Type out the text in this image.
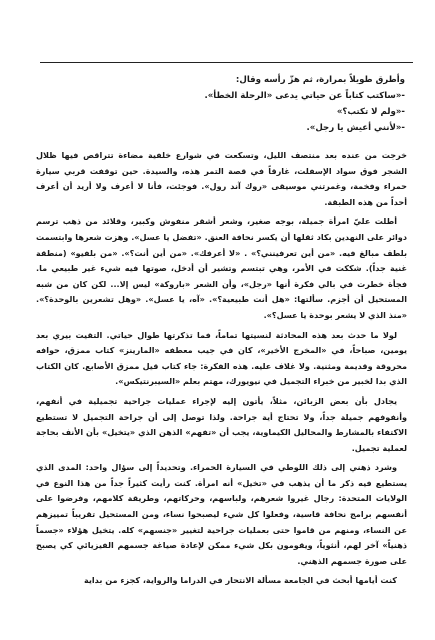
وأطرق طويلاً بمرارة، ثم هزّ رأسه وقال:

-«ساكتب كتاباً عن حياتي يدعى «الرحلة الخطأ».

-«ولم لا تكتب؟»

-«لأنني أعيش يا رجل».

خرجت من عنده بعد منتصف الليل، وتسكعت في شوارع خلفية مضاءة تتراقص فيها ظلال الشجر فوق سواد الإسفلت، غارقاً في قصة التمر هذه، والسيدة. حين توقفت قربي سيارة حمراء وفخمة، وغمرتني موسيقى «روك آند رول». فوجئت، فأنا لا أعرف ولا أريد أن أعرف أحداً من هذه الطبقة.

أطلت عليّ امرأة جميلة، بوجه صغير، وشعر أشقر منفوش وكبير، وقلائد من ذهب ترسم دوائر على النهدين بكاد ثقلها أن يكسر نحافة العنق. «تفضل يا عسل». وهزت شعرها وابتسمت بلطف مبالغ فيه. «من أين تعرفينني؟» . «لا أعرفك». «من أين أنت؟». «من بلفيو» (منطقة غنية جداً). شككت في الأمر، وهي تبتسم وتشير أن أدخل، صوتها فيه شيء غير طبيعي ما. فجأة خطرت في بالي فكرة أنها «رجل»، وأن الشعر «باروكة» ليس إلا... لكن كان من شبه المستحيل أن أجزم. سألتها: «هل أنت طبيعية؟». «آه، يا عسل». «وهل تشعرين بالوحدة؟». «منذ الذي لا يشعر بوحدة يا عسل؟».

لولا ما حدث بعد هذه المحادثة لنسيتها تماماً، فما تذكرتها طوال حياتي. التقيت بيري بعد يومين، صباحاً، في «المخرج الأخير»، كان في جيب معطفه «المارينز» كتاب ممزق، حوافه محروقة وقديمة ومثنية. ولا غلاف عليه. هذه الفكرة: جاء كتاب قيل ممزق الأصابع. كان الكتاب الذي بدا لخبير من خبراء التجميل في نيويورك، مهتم بعلم «السيبرنتيكس».

يجادل بأن بعض الزبائن، مثلاً، يأتون إليه لإجراء عمليات جراحية تجميلية في أنفهم، وأنفوفهم جميلة جداً، ولا تحتاج أية جراحة. ولذا توصل إلى أن جراحة التجميل لا تستطيع الاكتفاء بالمشارط والمحاليل الكيماوية، يجب أن «تفهم» الذهن الذي «يتخيل» بأن الأنف بحاجة لعملية تجميل.

وشرد ذهني إلى ذلك اللوطي في السيارة الحمراء. وتحديداً إلى سؤال واحد: المدى الذي يستطيع فيه ذكر ما أن يذهب في «تخيل» أنه امرأة. كنت رأيت كثيراً جداً من هذا النوع في الولايات المتحدة: رجال غيروا شعرهم، ولباسهم، وحركاتهم، وطريقة كلامهم، وفرضوا على أنفسهم برامج نحافة قاسية، وفعلوا كل شيء ليصبحوا نساء، ومن المستحيل تقريباً تمييزهم عن النساء، ومنهم من قاموا حتى بعمليات جراحية لتغيير «جنسهم» كله. يتخيل هؤلاء «جسماً ذهنياً» آخر لهم، أنثوياً، ويقومون بكل شيء ممكن لإعادة صياغة جسمهم الفيزيائي كي يصبح على صورة جسمهم الذهني.

كنت أيامها أبحث في الجامعة مسألة الانتحار في الدراما والرواية، كجزء من بداية
